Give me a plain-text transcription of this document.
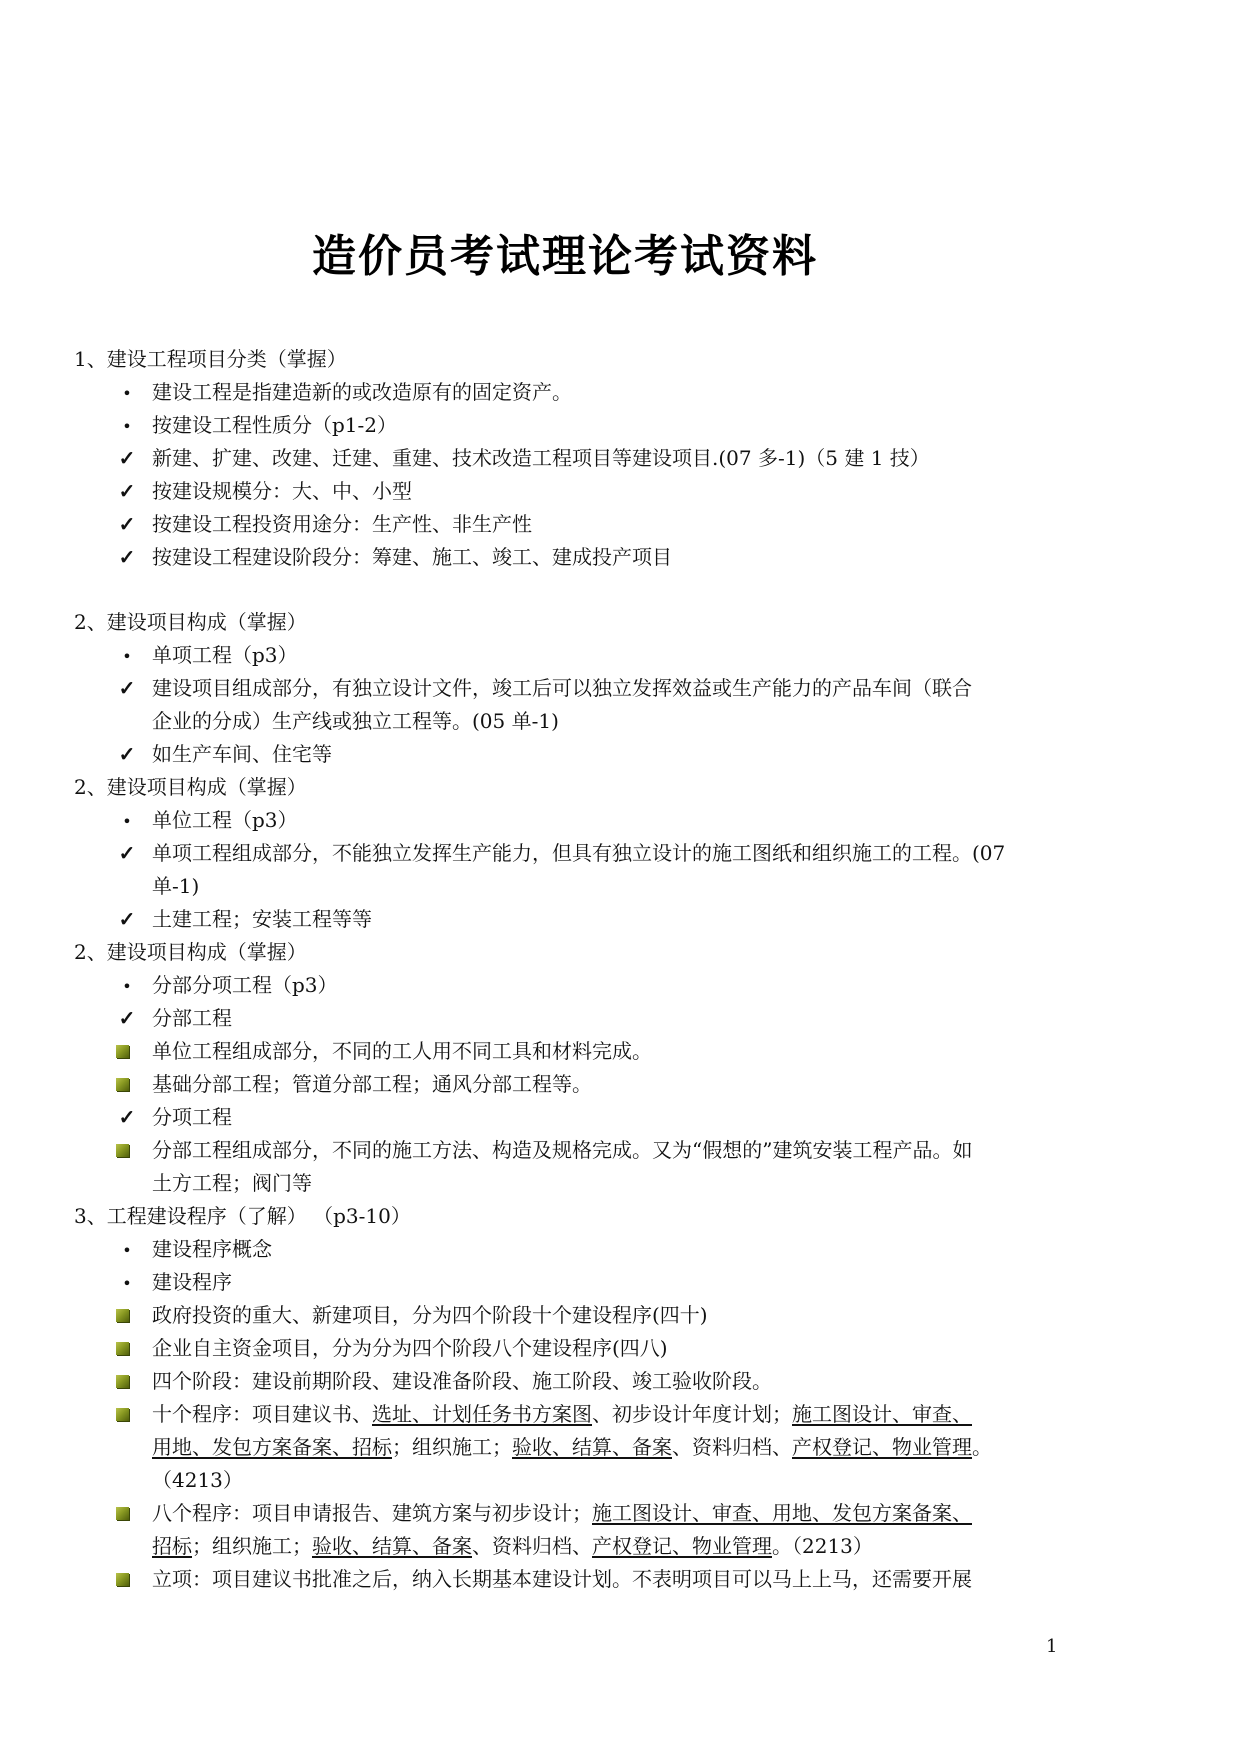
造价员考试理论考试资料
1、建设工程项目分类（掌握）
•
建设工程是指建造新的或改造原有的固定资产。
•
按建设工程性质分（p1-2）
✓
新建、扩建、改建、迁建、重建、技术改造工程项目等建设项目.(07 多-1)（5 建 1 技）
✓
按建设规模分：大、中、小型
✓
按建设工程投资用途分：生产性、非生产性
✓
按建设工程建设阶段分：筹建、施工、竣工、建成投产项目
2、建设项目构成（掌握）
•
单项工程（p3）
✓
建设项目组成部分，有独立设计文件，竣工后可以独立发挥效益或生产能力的产品车间（联合
企业的分成）生产线或独立工程等。(05 单-1)
✓
如生产车间、住宅等
2、建设项目构成（掌握）
•
单位工程（p3）
✓
单项工程组成部分，不能独立发挥生产能力，但具有独立设计的施工图纸和组织施工的工程。(07
单-1)
✓
土建工程；安装工程等等
2、建设项目构成（掌握）
•
分部分项工程（p3）
✓
分部工程
单位工程组成部分，不同的工人用不同工具和材料完成。
基础分部工程；管道分部工程；通风分部工程等。
✓
分项工程
分部工程组成部分，不同的施工方法、构造及规格完成。又为“假想的”建筑安装工程产品。如
土方工程；阀门等
3、工程建设程序（了解） （p3-10）
•
建设程序概念
•
建设程序
政府投资的重大、新建项目，分为四个阶段十个建设程序(四十)
企业自主资金项目，分为分为四个阶段八个建设程序(四八)
四个阶段：建设前期阶段、建设准备阶段、施工阶段、竣工验收阶段。
十个程序：项目建议书、选址、计划任务书方案图、初步设计年度计划；施工图设计、审查、
用地、发包方案备案、招标；组织施工；验收、结算、备案、资料归档、产权登记、物业管理。
（4213）
八个程序：项目申请报告、建筑方案与初步设计；施工图设计、审查、用地、发包方案备案、
招标；组织施工；验收、结算、备案、资料归档、产权登记、物业管理。（2213）
立项：项目建议书批准之后，纳入长期基本建设计划。不表明项目可以马上上马，还需要开展
1
